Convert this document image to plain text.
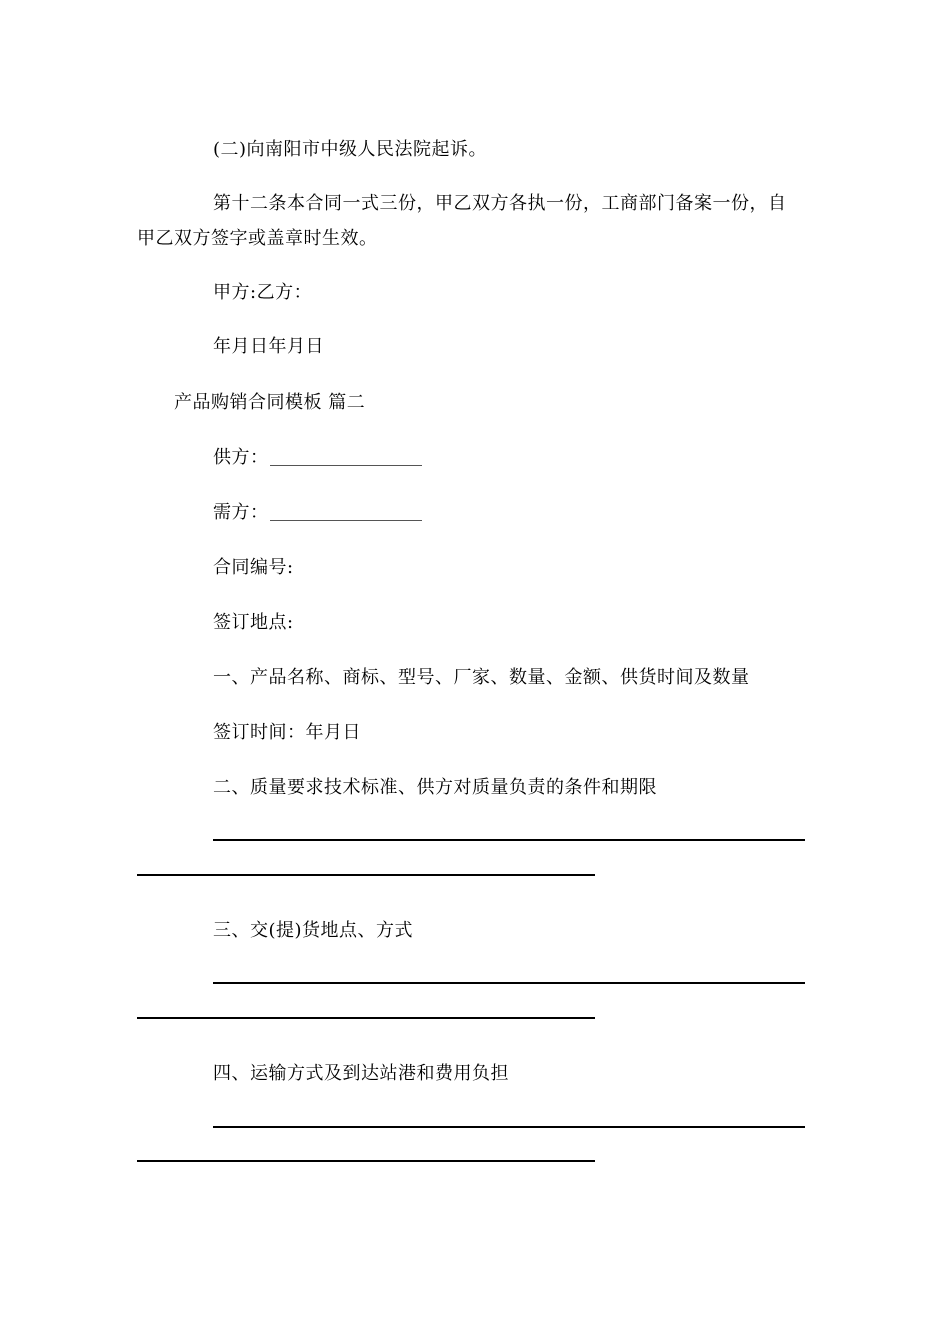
(二)向南阳市中级人民法院起诉。
第十二条本合同一式三份，甲乙双方各执一份，工商部门备案一份，自
甲乙双方签字或盖章时生效。
甲方:乙方：
年月日年月日
产品购销合同模板 篇二
供方：
需方：
合同编号:
签订地点:
一、产品名称、商标、型号、厂家、数量、金额、供货时间及数量
签订时间：年月日
二、质量要求技术标准、供方对质量负责的条件和期限
三、交(提)货地点、方式
四、运输方式及到达站港和费用负担
